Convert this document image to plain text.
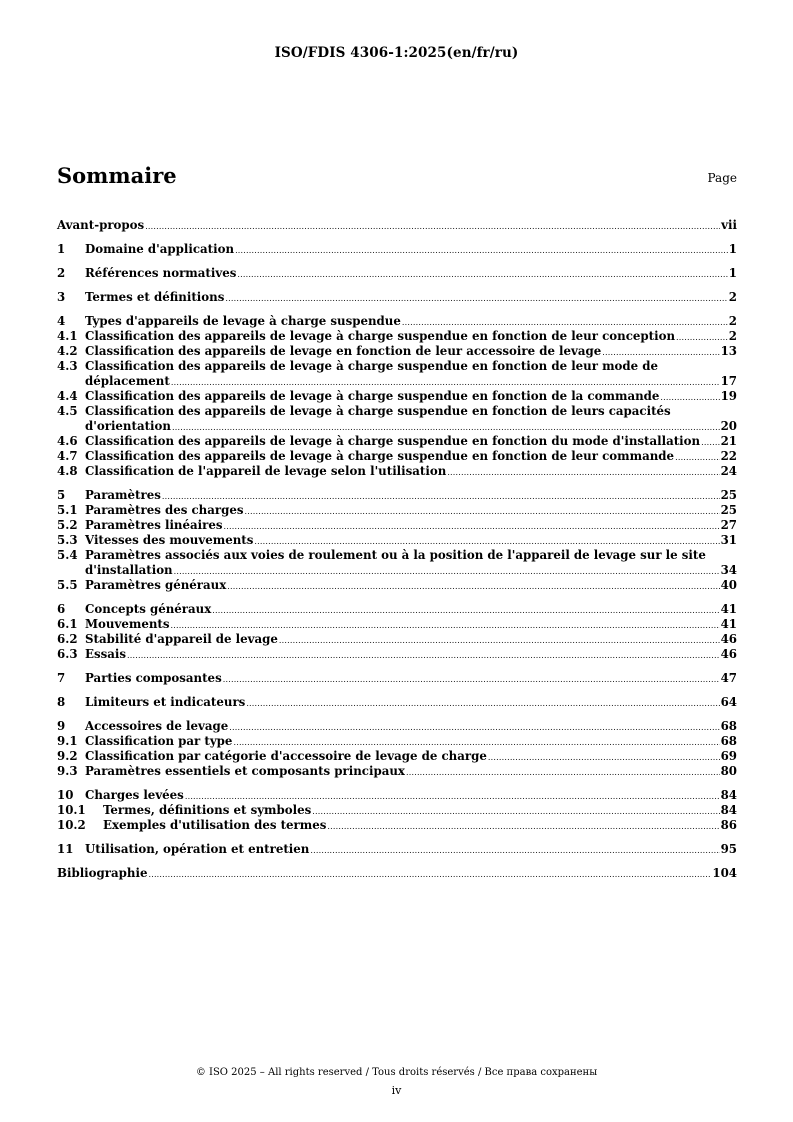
ISO/FDIS 4306-1:2025(en/fr/ru)
Sommaire	Page
Avant-propos .....	vii
1	Domaine d'application .....	1
2	Références normatives .....	1
3	Termes et définitions .....	2
4	Types d'appareils de levage à charge suspendue .....	2
4.1 Classification des appareils de levage à charge suspendue en fonction de leur conception .....	2
4.2 Classification des appareils de levage en fonction de leur accessoire de levage .....	13
4.3 Classification des appareils de levage à charge suspendue en fonction de leur mode de
déplacement .....	17
4.4 Classification des appareils de levage à charge suspendue en fonction de la commande .....	19
4.5 Classification des appareils de levage à charge suspendue en fonction de leurs capacités
d'orientation .....	20
4.6 Classification des appareils de levage à charge suspendue en fonction du mode d'installation ..... 21
4.7 Classification des appareils de levage à charge suspendue en fonction de leur commande .....	22
4.8 Classification de l'appareil de levage selon l'utilisation .....	24
5	Paramètres .....	25
5.1 Paramètres des charges .....	25
5.2 Paramètres linéaires .....	27
5.3 Vitesses des mouvements .....	31
5.4 Paramètres associés aux voies de roulement ou à la position de l'appareil de levage sur le site
d'installation .....	34
5.5 Paramètres généraux .....	40
6	Concepts généraux .....	41
6.1 Mouvements .....	41
6.2 Stabilité d'appareil de levage .....	46
6.3 Essais .....	46
7	Parties composantes .....	47
8	Limiteurs et indicateurs .....	64
9	Accessoires de levage .....	68
9.1 Classification par type .....	68
9.2 Classification par catégorie d'accessoire de levage de charge .....	69
9.3 Paramètres essentiels et composants principaux .....	80
10 Charges levées .....	84
10.1	Termes, définitions et symboles .....	84
10.2	Exemples d'utilisation des termes .....	86
11 Utilisation, opération et entretien .....	95
Bibliographie .....	104
© ISO 2025 – All rights reserved / Tous droits réservés / Все права сохранены
iv
